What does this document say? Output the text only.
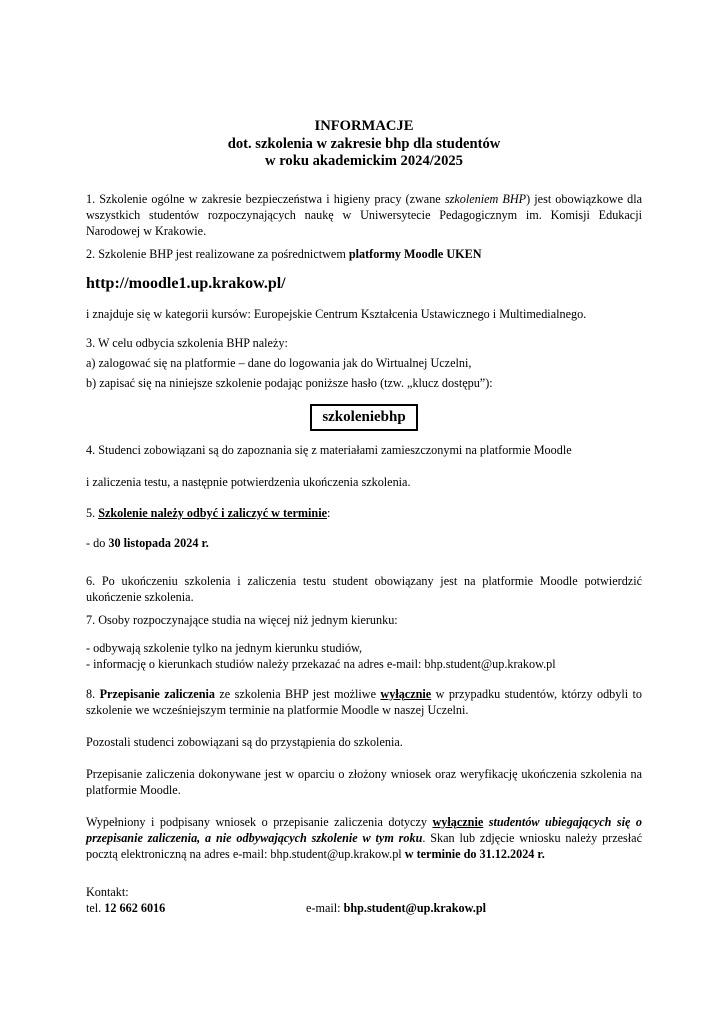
INFORMACJE
dot. szkolenia w zakresie bhp dla studentów
w roku akademickim 2024/2025

1. Szkolenie ogólne w zakresie bezpieczeństwa i higieny pracy (zwane szkoleniem BHP) jest obowiązkowe dla wszystkich studentów rozpoczynających naukę w Uniwersytecie Pedagogicznym im. Komisji Edukacji Narodowej w Krakowie.

2. Szkolenie BHP jest realizowane za pośrednictwem platformy Moodle UKEN

http://moodle1.up.krakow.pl/

i znajduje się w kategorii kursów: Europejskie Centrum Kształcenia Ustawicznego i Multimedialnego.

3. W celu odbycia szkolenia BHP należy:

a) zalogować się na platformie – dane do logowania jak do Wirtualnej Uczelni,

b) zapisać się na niniejsze szkolenie podając poniższe hasło (tzw. „klucz dostępu”):

szkoleniebhp

4. Studenci zobowiązani są do zapoznania się z materiałami zamieszczonymi na platformie Moodle

i zaliczenia testu, a następnie potwierdzenia ukończenia szkolenia.

5. Szkolenie należy odbyć i zaliczyć w terminie:

- do 30 listopada 2024 r.

6. Po ukończeniu szkolenia i zaliczenia testu student obowiązany jest na platformie Moodle potwierdzić ukończenie szkolenia.

7. Osoby rozpoczynające studia na więcej niż jednym kierunku:

- odbywają szkolenie tylko na jednym kierunku studiów,

- informację o kierunkach studiów należy przekazać na adres e-mail: bhp.student@up.krakow.pl

8. Przepisanie zaliczenia ze szkolenia BHP jest możliwe wyłącznie w przypadku studentów, którzy odbyli to szkolenie we wcześniejszym terminie na platformie Moodle w naszej Uczelni.

Pozostali studenci zobowiązani są do przystąpienia do szkolenia.

Przepisanie zaliczenia dokonywane jest w oparciu o złożony wniosek oraz weryfikację ukończenia szkolenia na platformie Moodle.

Wypełniony i podpisany wniosek o przepisanie zaliczenia dotyczy wyłącznie studentów ubiegających się o przepisanie zaliczenia, a nie odbywających szkolenie w tym roku. Skan lub zdjęcie wniosku należy przesłać pocztą elektroniczną na adres e-mail: bhp.student@up.krakow.pl w terminie do 31.12.2024 r.

Kontakt:

tel. 12 662 6016	e-mail: bhp.student@up.krakow.pl
